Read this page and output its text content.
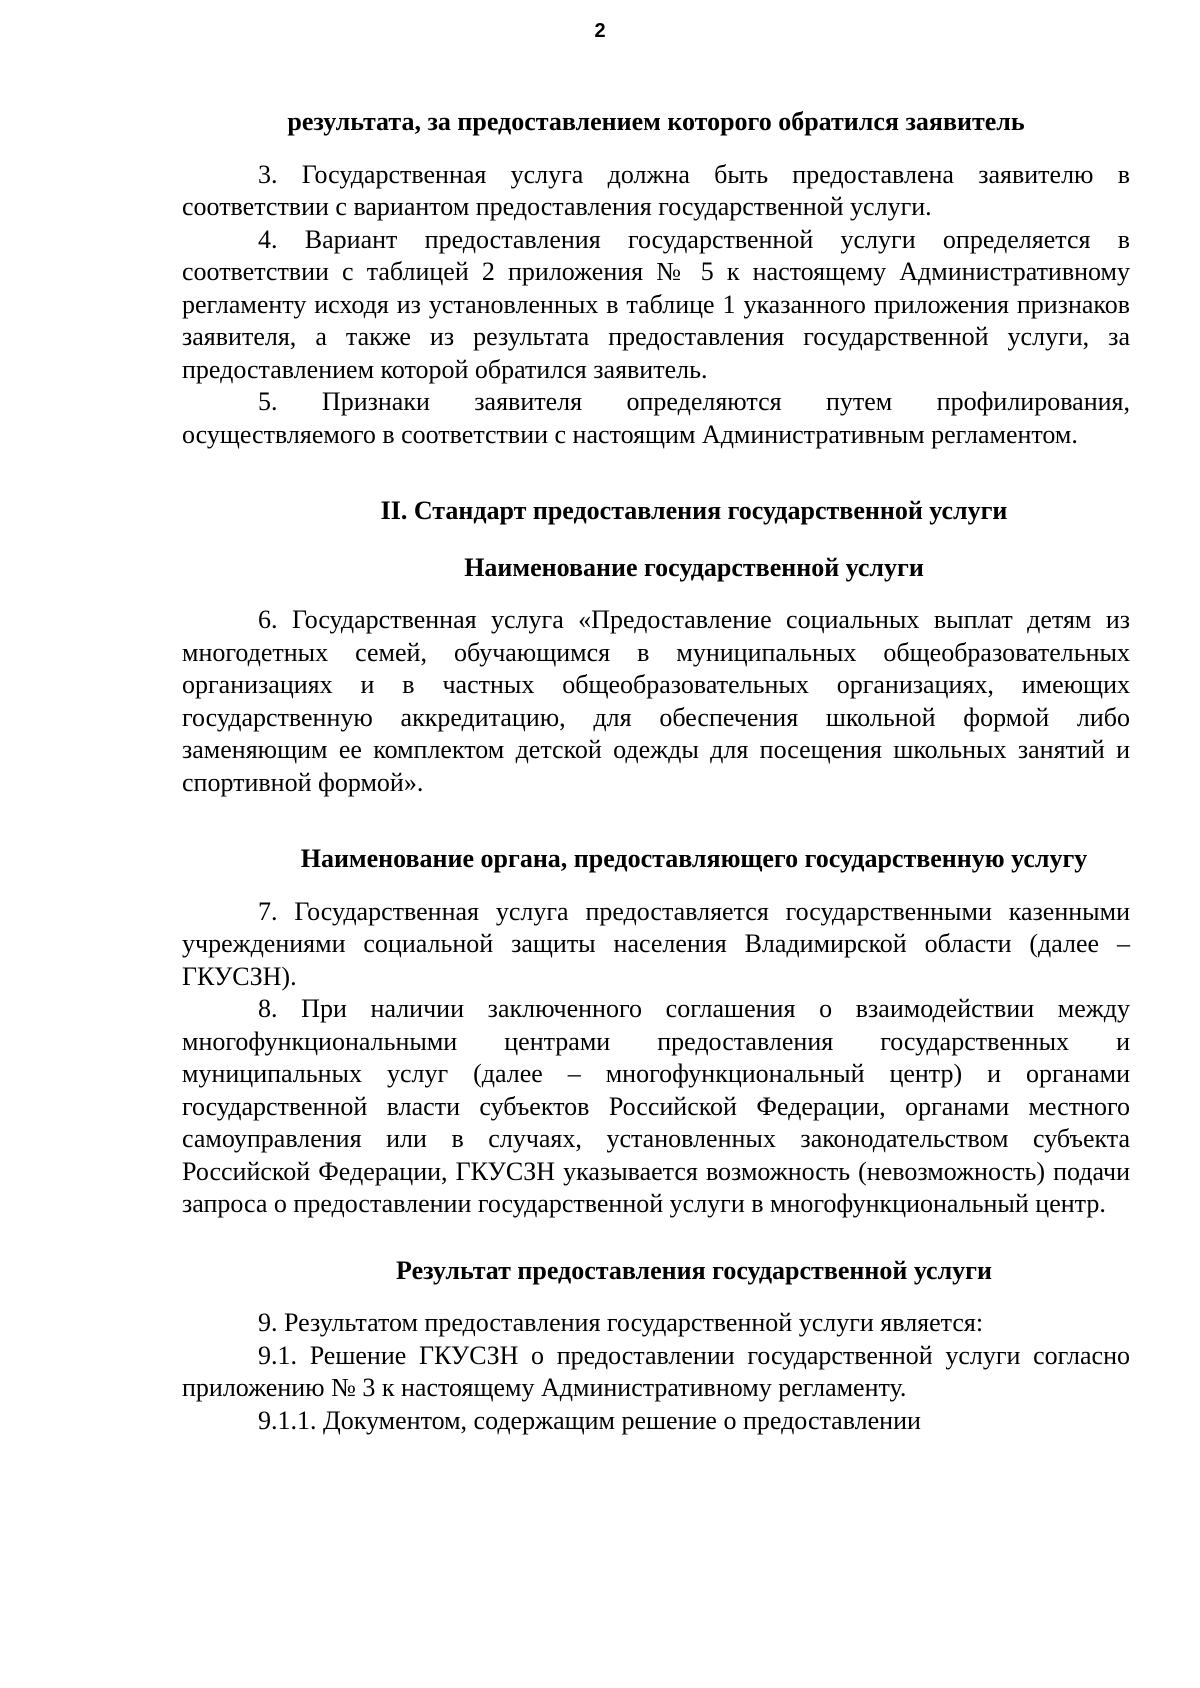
2

результата, за предоставлением которого обратился заявитель

3. Государственная услуга должна быть предоставлена заявителю в соответствии с вариантом предоставления государственной услуги.

4. Вариант предоставления государственной услуги определяется в соответствии с таблицей 2 приложения № 5 к настоящему Административному регламенту исходя из установленных в таблице 1 указанного приложения признаков заявителя, а также из результата предоставления государственной услуги, за предоставлением которой обратился заявитель.

5. Признаки заявителя определяются путем профилирования, осуществляемого в соответствии с настоящим Административным регламентом.

II. Стандарт предоставления государственной услуги

Наименование государственной услуги

6. Государственная услуга «Предоставление социальных выплат детям из многодетных семей, обучающимся в муниципальных общеобразовательных организациях и в частных общеобразовательных организациях, имеющих государственную аккредитацию, для обеспечения школьной формой либо заменяющим ее комплектом детской одежды для посещения школьных занятий и спортивной формой».

Наименование органа, предоставляющего государственную услугу

7. Государственная услуга предоставляется государственными казенными учреждениями социальной защиты населения Владимирской области (далее – ГКУСЗН).

8. При наличии заключенного соглашения о взаимодействии между многофункциональными центрами предоставления государственных и муниципальных услуг (далее – многофункциональный центр) и органами государственной власти субъектов Российской Федерации, органами местного самоуправления или в случаях, установленных законодательством субъекта Российской Федерации, ГКУСЗН указывается возможность (невозможность) подачи запроса о предоставлении государственной услуги в многофункциональный центр.

Результат предоставления государственной услуги

9. Результатом предоставления государственной услуги является:

9.1. Решение ГКУСЗН о предоставлении государственной услуги согласно приложению № 3 к настоящему Административному регламенту.

9.1.1. Документом, содержащим решение о предоставлении
